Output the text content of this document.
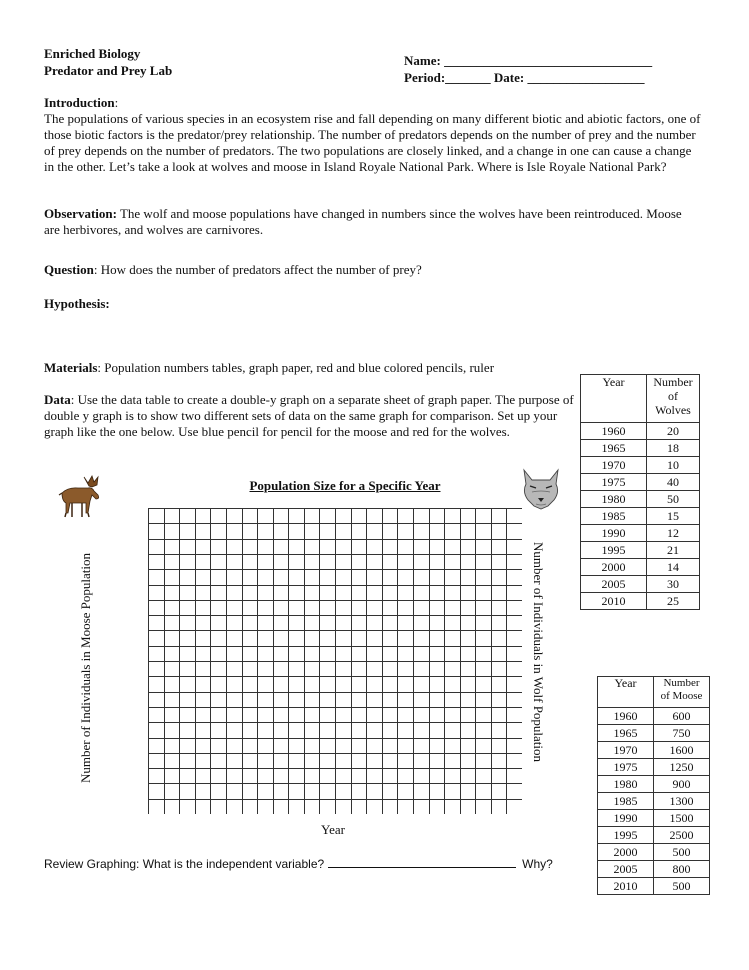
Enriched Biology
Predator and Prey Lab
Name: ________________________________
Period:_______ Date: __________________
Introduction:
The populations of various species in an ecosystem rise and fall depending on many different biotic and abiotic factors, one of those biotic factors is the predator/prey relationship. The number of predators depends on the number of prey and the number of prey depends on the number of predators. The two populations are closely linked, and a change in one can cause a change in the other. Let’s take a look at wolves and moose in Island Royale National Park. Where is Isle Royale National Park?
Observation: The wolf and moose populations have changed in numbers since the wolves have been reintroduced. Moose are herbivores, and wolves are carnivores.
Question: How does the number of predators affect the number of prey?
Hypothesis:
Materials: Population numbers tables, graph paper, red and blue colored pencils, ruler
Data: Use the data table to create a double-y graph on a separate sheet of graph paper. The purpose of double y graph is to show two different sets of data on the same graph for comparison. Set up your graph like the one below. Use blue pencil for pencil for the moose and red for the wolves.
Year	Number
of
Wolves

1960	20
1965	18
1970	10
1975	40
1980	50
1985	15
1990	12
1995	21
2000	14
2005	30
2010	25
Year	Number
of Moose

1960	600
1965	750
1970	1600
1975	1250
1980	900
1985	1300
1990	1500
1995	2500
2000	500
2005	800
2010	500
Population Size for a Specific Year
Number of Individuals in Moose Population	Number of Individuals in Wolf Population
Year
Review Graphing: What is the independent variable?	Why?
